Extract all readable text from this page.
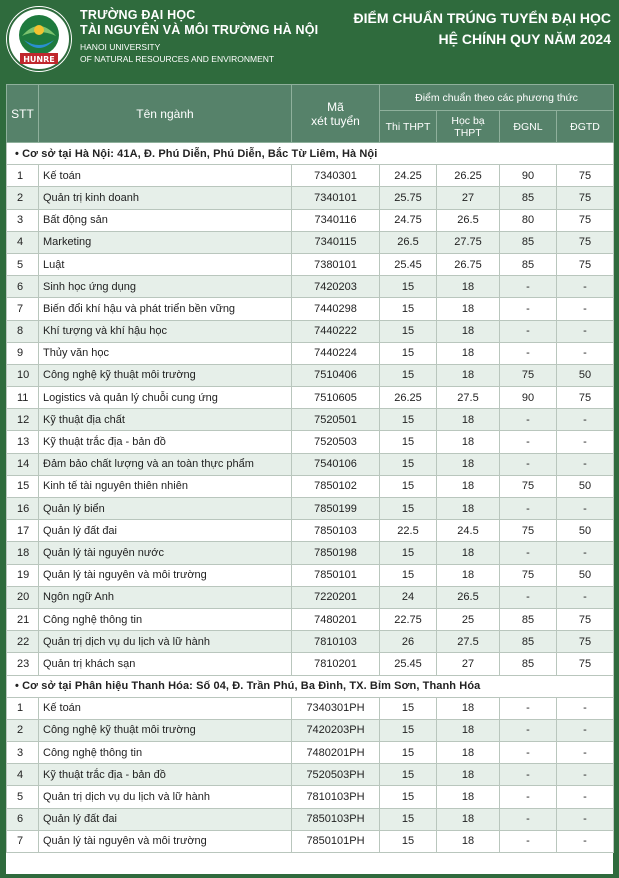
HUNRE
TRƯỜNG ĐẠI HỌC
TÀI NGUYÊN VÀ MÔI TRƯỜNG HÀ NỘI
HANOI UNIVERSITY
OF NATURAL RESOURCES AND ENVIRONMENT
ĐIỂM CHUẨN TRÚNG TUYỂN ĐẠI HỌC
HỆ CHÍNH QUY NĂM 2024
STT	Tên ngành	Mã
xét tuyển	Điểm chuẩn theo các phương thức			
			Thi THPT	Học bạ
THPT	ĐGNL	ĐGTD
• Cơ sở tại Hà Nội: 41A, Đ. Phú Diễn, Phú Diễn, Bắc Từ Liêm, Hà Nội						
1	Kế toán	7340301	24.25	26.25	90	75
2	Quản trị kinh doanh	7340101	25.75	27	85	75
3	Bất động sản	7340116	24.75	26.5	80	75
4	Marketing	7340115	26.5	27.75	85	75
5	Luật	7380101	25.45	26.75	85	75
6	Sinh học ứng dụng	7420203	15	18	-	-
7	Biến đổi khí hậu và phát triển bền vững	7440298	15	18	-	-
8	Khí tượng và khí hậu học	7440222	15	18	-	-
9	Thủy văn học	7440224	15	18	-	-
10	Công nghệ kỹ thuật môi trường	7510406	15	18	75	50
11	Logistics và quản lý chuỗi cung ứng	7510605	26.25	27.5	90	75
12	Kỹ thuật địa chất	7520501	15	18	-	-
13	Kỹ thuật trắc địa - bản đồ	7520503	15	18	-	-
14	Đảm bảo chất lượng và an toàn thực phẩm	7540106	15	18	-	-
15	Kinh tế tài nguyên thiên nhiên	7850102	15	18	75	50
16	Quản lý biển	7850199	15	18	-	-
17	Quản lý đất đai	7850103	22.5	24.5	75	50
18	Quản lý tài nguyên nước	7850198	15	18	-	-
19	Quản lý tài nguyên và môi trường	7850101	15	18	75	50
20	Ngôn ngữ Anh	7220201	24	26.5	-	-
21	Công nghệ thông tin	7480201	22.75	25	85	75
22	Quản trị dịch vụ du lịch và lữ hành	7810103	26	27.5	85	75
23	Quản trị khách sạn	7810201	25.45	27	85	75
• Cơ sở tại Phân hiệu Thanh Hóa: Số 04, Đ. Trần Phú, Ba Đình, TX. Bỉm Sơn, Thanh Hóa						
1	Kế toán	7340301PH	15	18	-	-
2	Công nghệ kỹ thuật môi trường	7420203PH	15	18	-	-
3	Công nghệ thông tin	7480201PH	15	18	-	-
4	Kỹ thuật trắc địa - bản đồ	7520503PH	15	18	-	-
5	Quản trị dịch vụ du lịch và lữ hành	7810103PH	15	18	-	-
6	Quản lý đất đai	7850103PH	15	18	-	-
7	Quản lý tài nguyên và môi trường	7850101PH	15	18	-	-
